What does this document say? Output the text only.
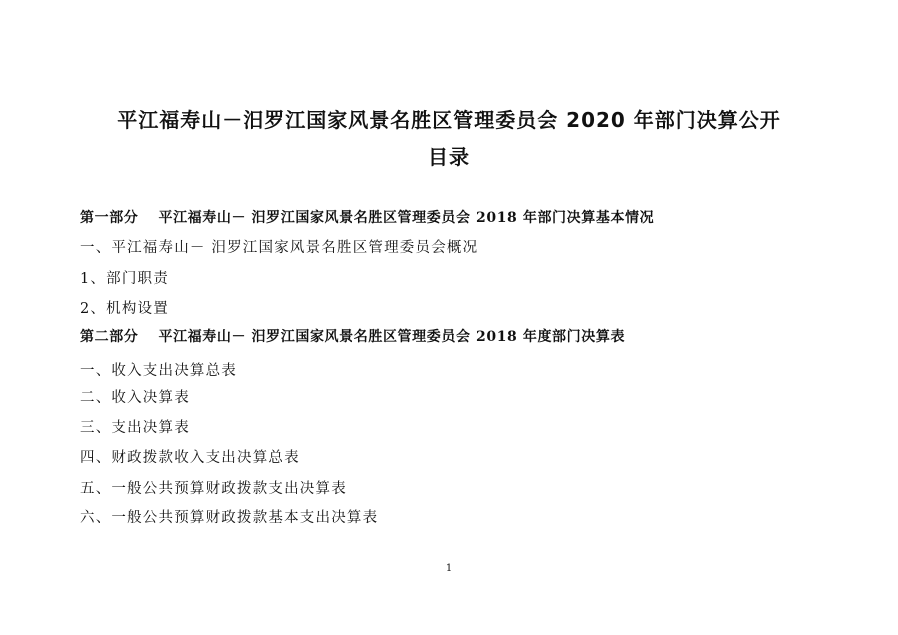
平江福寿山－汨罗江国家风景名胜区管理委员会 2020 年部门决算公开
目录

第一部分　 平江福寿山－ 汨罗江国家风景名胜区管理委员会 2018 年部门决算基本情况

一、平江福寿山－ 汨罗江国家风景名胜区管理委员会概况

1、部门职责

2、机构设置

第二部分　 平江福寿山－ 汨罗江国家风景名胜区管理委员会 2018 年度部门决算表

一、收入支出决算总表

二、收入决算表

三、支出决算表

四、财政拨款收入支出决算总表

五、一般公共预算财政拨款支出决算表

六、一般公共预算财政拨款基本支出决算表

1
